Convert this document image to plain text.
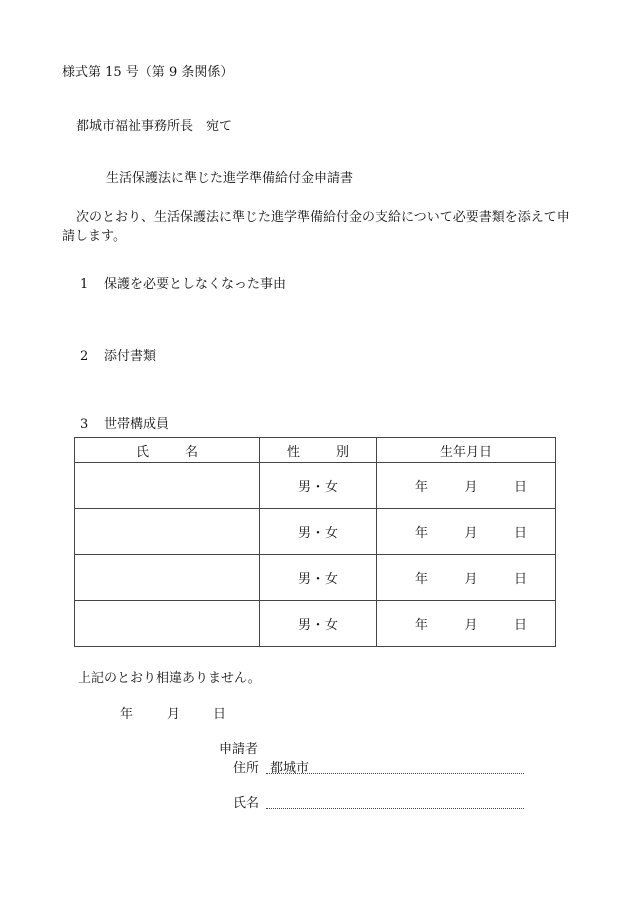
様式第 15 号（第 9 条関係）
都城市福祉事務所長　宛て
生活保護法に準じた進学準備給付金申請書
次のとおり、生活保護法に準じた進学準備給付金の支給について必要書類を添えて申請します。
1 保護を必要としなくなった事由
2 添付書類
3 世帯構成員
氏 名	性 別	生年月日
	男・女	年 月 日

	男・女	年 月 日

	男・女	年 月 日

	男・女	年 月 日
上記のとおり相違ありません。
年	月	日
申請者
住所 都城市
氏名
